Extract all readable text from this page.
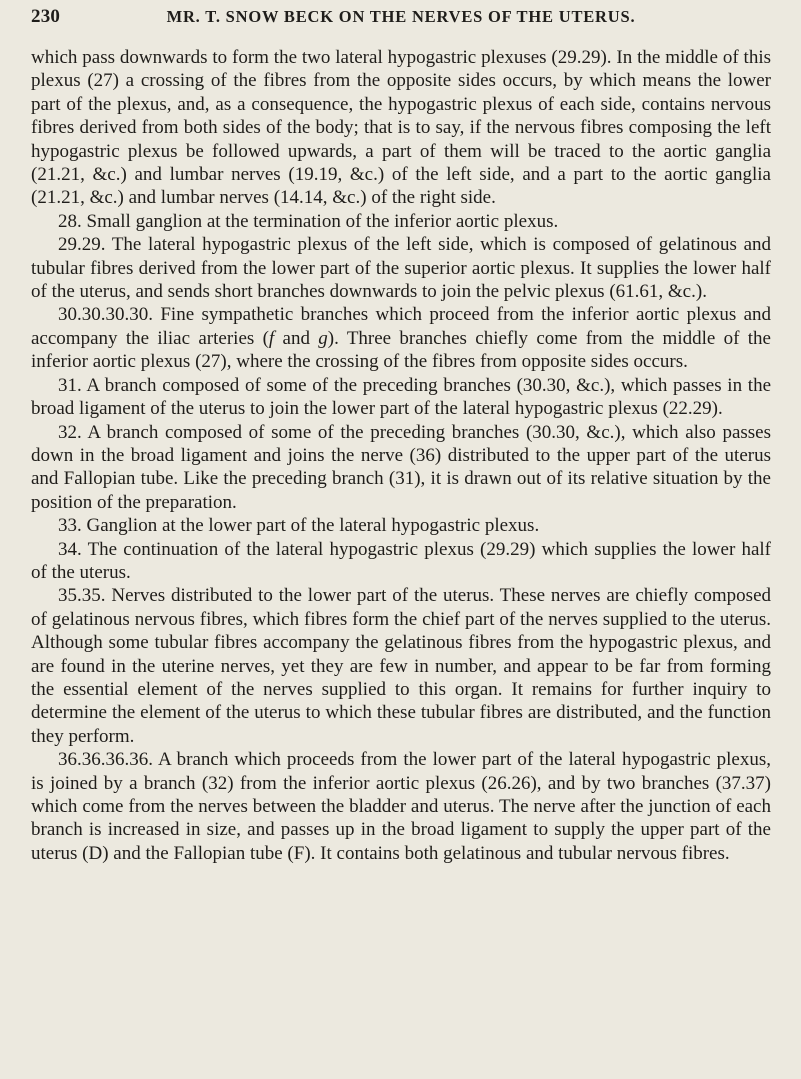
230	MR. T. SNOW BECK ON THE NERVES OF THE UTERUS.

which pass downwards to form the two lateral hypogastric plexuses (29.29). In the middle of this plexus (27) a crossing of the fibres from the opposite sides occurs, by which means the lower part of the plexus, and, as a consequence, the hypogastric plexus of each side, contains nervous fibres derived from both sides of the body; that is to say, if the nervous fibres composing the left hypogastric plexus be followed upwards, a part of them will be traced to the aortic ganglia (21.21, &c.) and lumbar nerves (19.19, &c.) of the left side, and a part to the aortic ganglia (21.21, &c.) and lumbar nerves (14.14, &c.) of the right side.

28. Small ganglion at the termination of the inferior aortic plexus.

29.29. The lateral hypogastric plexus of the left side, which is composed of gelatinous and tubular fibres derived from the lower part of the superior aortic plexus. It supplies the lower half of the uterus, and sends short branches downwards to join the pelvic plexus (61.61, &c.).

30.30.30.30. Fine sympathetic branches which proceed from the inferior aortic plexus and accompany the iliac arteries (f and g). Three branches chiefly come from the middle of the inferior aortic plexus (27), where the crossing of the fibres from opposite sides occurs.

31. A branch composed of some of the preceding branches (30.30, &c.), which passes in the broad ligament of the uterus to join the lower part of the lateral hypogastric plexus (22.29).

32. A branch composed of some of the preceding branches (30.30, &c.), which also passes down in the broad ligament and joins the nerve (36) distributed to the upper part of the uterus and Fallopian tube. Like the preceding branch (31), it is drawn out of its relative situation by the position of the preparation.

33. Ganglion at the lower part of the lateral hypogastric plexus.

34. The continuation of the lateral hypogastric plexus (29.29) which supplies the lower half of the uterus.

35.35. Nerves distributed to the lower part of the uterus. These nerves are chiefly composed of gelatinous nervous fibres, which fibres form the chief part of the nerves supplied to the uterus. Although some tubular fibres accompany the gelatinous fibres from the hypogastric plexus, and are found in the uterine nerves, yet they are few in number, and appear to be far from forming the essential element of the nerves supplied to this organ. It remains for further inquiry to determine the element of the uterus to which these tubular fibres are distributed, and the function they perform.

36.36.36.36. A branch which proceeds from the lower part of the lateral hypogastric plexus, is joined by a branch (32) from the inferior aortic plexus (26.26), and by two branches (37.37) which come from the nerves between the bladder and uterus. The nerve after the junction of each branch is increased in size, and passes up in the broad ligament to supply the upper part of the uterus (D) and the Fallopian tube (F). It contains both gelatinous and tubular nervous fibres.
